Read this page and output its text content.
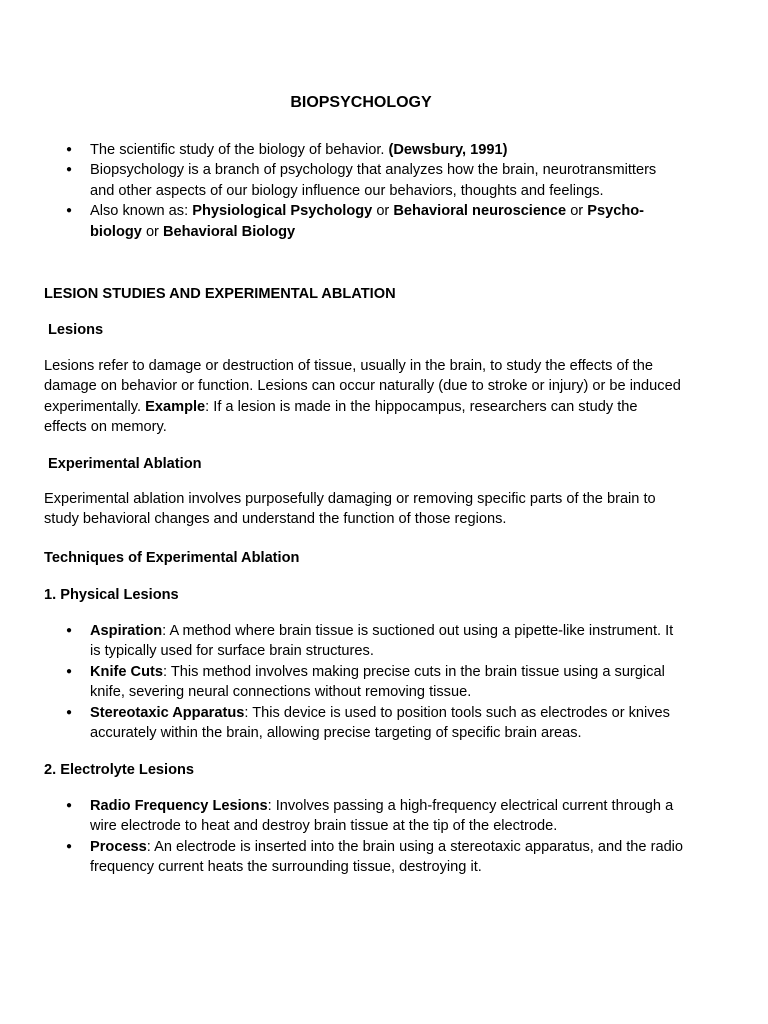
BIOPSYCHOLOGY
● The scientific study of the biology of behavior. (Dewsbury, 1991)
● Biopsychology is a branch of psychology that analyzes how the brain, neurotransmitters and other aspects of our biology influence our behaviors, thoughts and feelings.
● Also known as: Physiological Psychology or Behavioral neuroscience or Psycho-biology or Behavioral Biology
LESION STUDIES AND EXPERIMENTAL ABLATION
Lesions
Lesions refer to damage or destruction of tissue, usually in the brain, to study the effects of the damage on behavior or function. Lesions can occur naturally (due to stroke or injury) or be induced experimentally. Example: If a lesion is made in the hippocampus, researchers can study the effects on memory.
Experimental Ablation
Experimental ablation involves purposefully damaging or removing specific parts of the brain to study behavioral changes and understand the function of those regions.
Techniques of Experimental Ablation
1. Physical Lesions
● Aspiration: A method where brain tissue is suctioned out using a pipette-like instrument. It is typically used for surface brain structures.
● Knife Cuts: This method involves making precise cuts in the brain tissue using a surgical knife, severing neural connections without removing tissue.
● Stereotaxic Apparatus: This device is used to position tools such as electrodes or knives accurately within the brain, allowing precise targeting of specific brain areas.
2. Electrolyte Lesions
● Radio Frequency Lesions: Involves passing a high-frequency electrical current through a wire electrode to heat and destroy brain tissue at the tip of the electrode.
● Process: An electrode is inserted into the brain using a stereotaxic apparatus, and the radio frequency current heats the surrounding tissue, destroying it.
